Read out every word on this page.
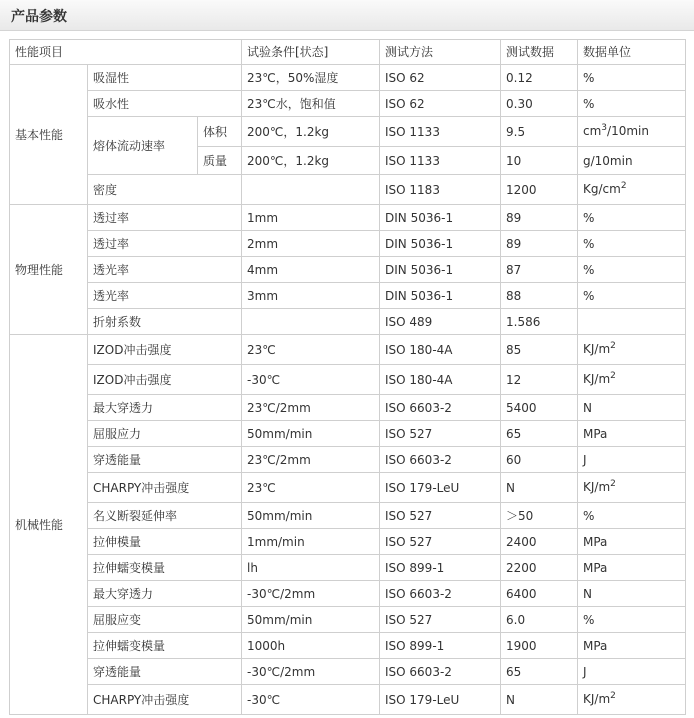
产品参数
性能项目			试验条件[状态]	测试方法	测试数据	数据单位
基本性能	吸湿性		23℃，50%湿度	ISO 62	0.12	%
	吸水性		23℃水，饱和值	ISO 62	0.30	%
	熔体流动速率	体积	200℃，1.2kg	ISO 1133	9.5	$cm^3/10\min$
		质量	200℃，1.2kg	ISO 1133	10	g/10min
	密度			ISO 1183	1200	$Kg/cm^2$
物理性能	透过率		1mm	DIN 5036-1	89	%
	透过率		2mm	DIN 5036-1	89	%
	透光率		4mm	DIN 5036-1	87	%
	透光率		3mm	DIN 5036-1	88	%
	折射系数			ISO 489	1.586	
机械性能	IZOD冲击强度		23℃	ISO 180-4A	85	$KJ/m^2$
	IZOD冲击强度		-30℃	ISO 180-4A	12	$KJ/m^2$
	最大穿透力		23℃/2mm	ISO 6603-2	5400	N
	屈服应力		50mm/min	ISO 527	65	MPa
	穿透能量		23℃/2mm	ISO 6603-2	60	J
	CHARPY冲击强度		23℃	ISO 179-LeU	N	$KJ/m^2$
	名义断裂延伸率		50mm/min	ISO 527	＞50	%
	拉伸模量		1mm/min	ISO 527	2400	MPa
	拉伸蠕变模量		lh	ISO 899-1	2200	MPa
	最大穿透力		-30℃/2mm	ISO 6603-2	6400	N
	屈服应变		50mm/min	ISO 527	6.0	%
	拉伸蠕变模量		1000h	ISO 899-1	1900	MPa
	穿透能量		-30℃/2mm	ISO 6603-2	65	J
	CHARPY冲击强度		-30℃	ISO 179-LeU	N	$KJ/m^2$
